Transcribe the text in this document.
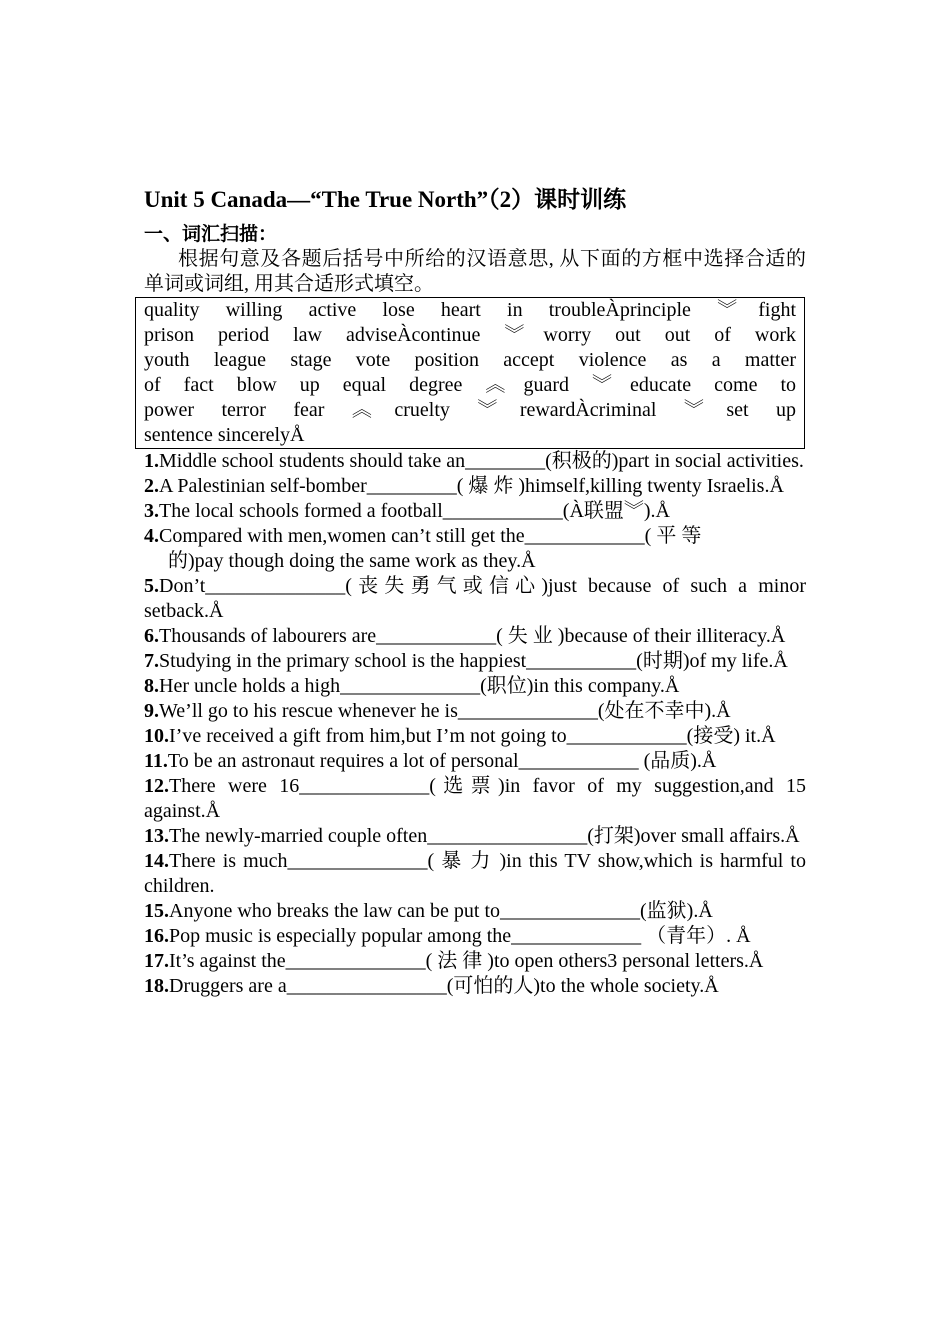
Unit 5 Canada—“The True North”（2）课时训练
一、词汇扫描：
根据句意及各题后括号中所给的汉语意思, 从下面的方框中选择合适的单词或词组, 用其合适形式填空。

quality willing active lose heart in troubleÀprinciple ︾fight

prison period law adviseÀcontinue ︾worry out out of work

youth league stage vote position accept violence as a matter

of fact blow up equal degree ︽guard ︾educate come to

power terror fear ︽cruelty ︾rewardÀcriminal ︾set up

sentence sincerelyÅ

1.Middle school students should take an________(积极的)part in social activities.

2.A Palestinian self-bomber_________( 爆 炸 )himself,killing twenty Israelis.Å

3.The local schools formed a football____________(À联盟︾).Å

4.Compared with men,women can’t still get the____________( 平 等
的)pay though doing the same work as they.Å

5.Don’t______________(丧失勇气或信心)just because of such a minor setback.Å

6.Thousands of labourers are____________( 失 业 )because of their illiteracy.Å

7.Studying in the primary school is the happiest___________(时期)of my life.Å

8.Her uncle holds a high______________(职位)in this company.Å

9.We’ll go to his rescue whenever he is______________(处在不幸中).Å

10.I’ve received a gift from him,but I’m not going to____________(接受) it.Å

11.To be an astronaut requires a lot of personal____________ (品质).Å

12.There were 16_____________(选票)in favor of my suggestion,and 15 against.Å

13.The newly-married couple often________________(打架)over small affairs.Å

14.There is much______________( 暴 力 )in this TV show,which is harmful to children.

15.Anyone who breaks the law can be put to______________(监狱).Å

16.Pop music is especially popular among the_____________ （青年）. Å

17.It’s against the______________( 法 律 )to open others3 personal letters.Å

18.Druggers are a________________(可怕的人)to the whole society.Å
